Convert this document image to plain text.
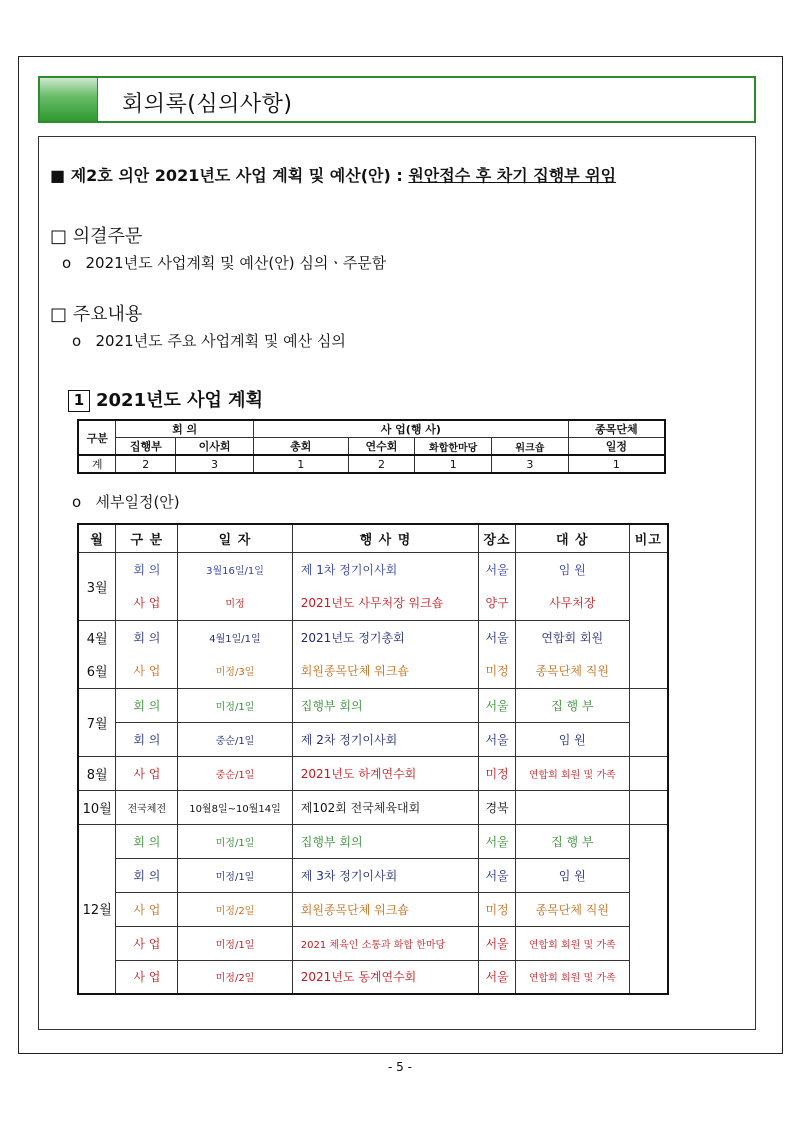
회의록(심의사항)
■ 제2호 의안 2021년도 사업 계획 및 예산(안) : 원안접수 후 차기 집행부 위임
□ 의결주문
o 2021년도 사업계획 및 예산(안) 심의ㆍ주문함
□ 주요내용
o 2021년도 주요 사업계획 및 예산 심의
1 2021년도 사업 계획
구분	회 의		사 업(행 사)				종목단체
	집행부	이사회	총회	연수회	화합한마당	워크숍	일정
계	2	3	1	2	1	3	1
o 세부일정(안)
월	구 분	일 자	행 사 명	장소	대 상	비고
3월	회 의	3월16일/1일	제 1차 정기이사회	서울	임 원	
	사 업	미정	2021년도 사무처장 워크숍	양구	사무처장	
4월	회 의	4월1일/1일	2021년도 정기총회	서울	연합회 회원	
6월	사 업	미정/3일	회원종목단체 워크숍	미정	종목단체 직원	
7월	회 의	미정/1일	집행부 회의	서울	집 행 부	
	회 의	중순/1일	제 2차 정기이사회	서울	임 원	
8월	사 업	중순/1일	2021년도 하계연수회	미정	연합회 회원 및 가족	
10월	전국체전	10월8일~10월14일	제102회 전국체육대회	경북		
12월	회 의	미정/1일	집행부 회의	서울	집 행 부	
	회 의	미정/1일	제 3차 정기이사회	서울	임 원	
	사 업	미정/2일	회원종목단체 워크숍	미정	종목단체 직원	
	사 업	미정/1일	2021 체육인 소통과 화합 한마당	서울	연합회 회원 및 가족	
	사 업	미정/2일	2021년도 동계연수회	서울	연합회 회원 및 가족	
- 5 -
